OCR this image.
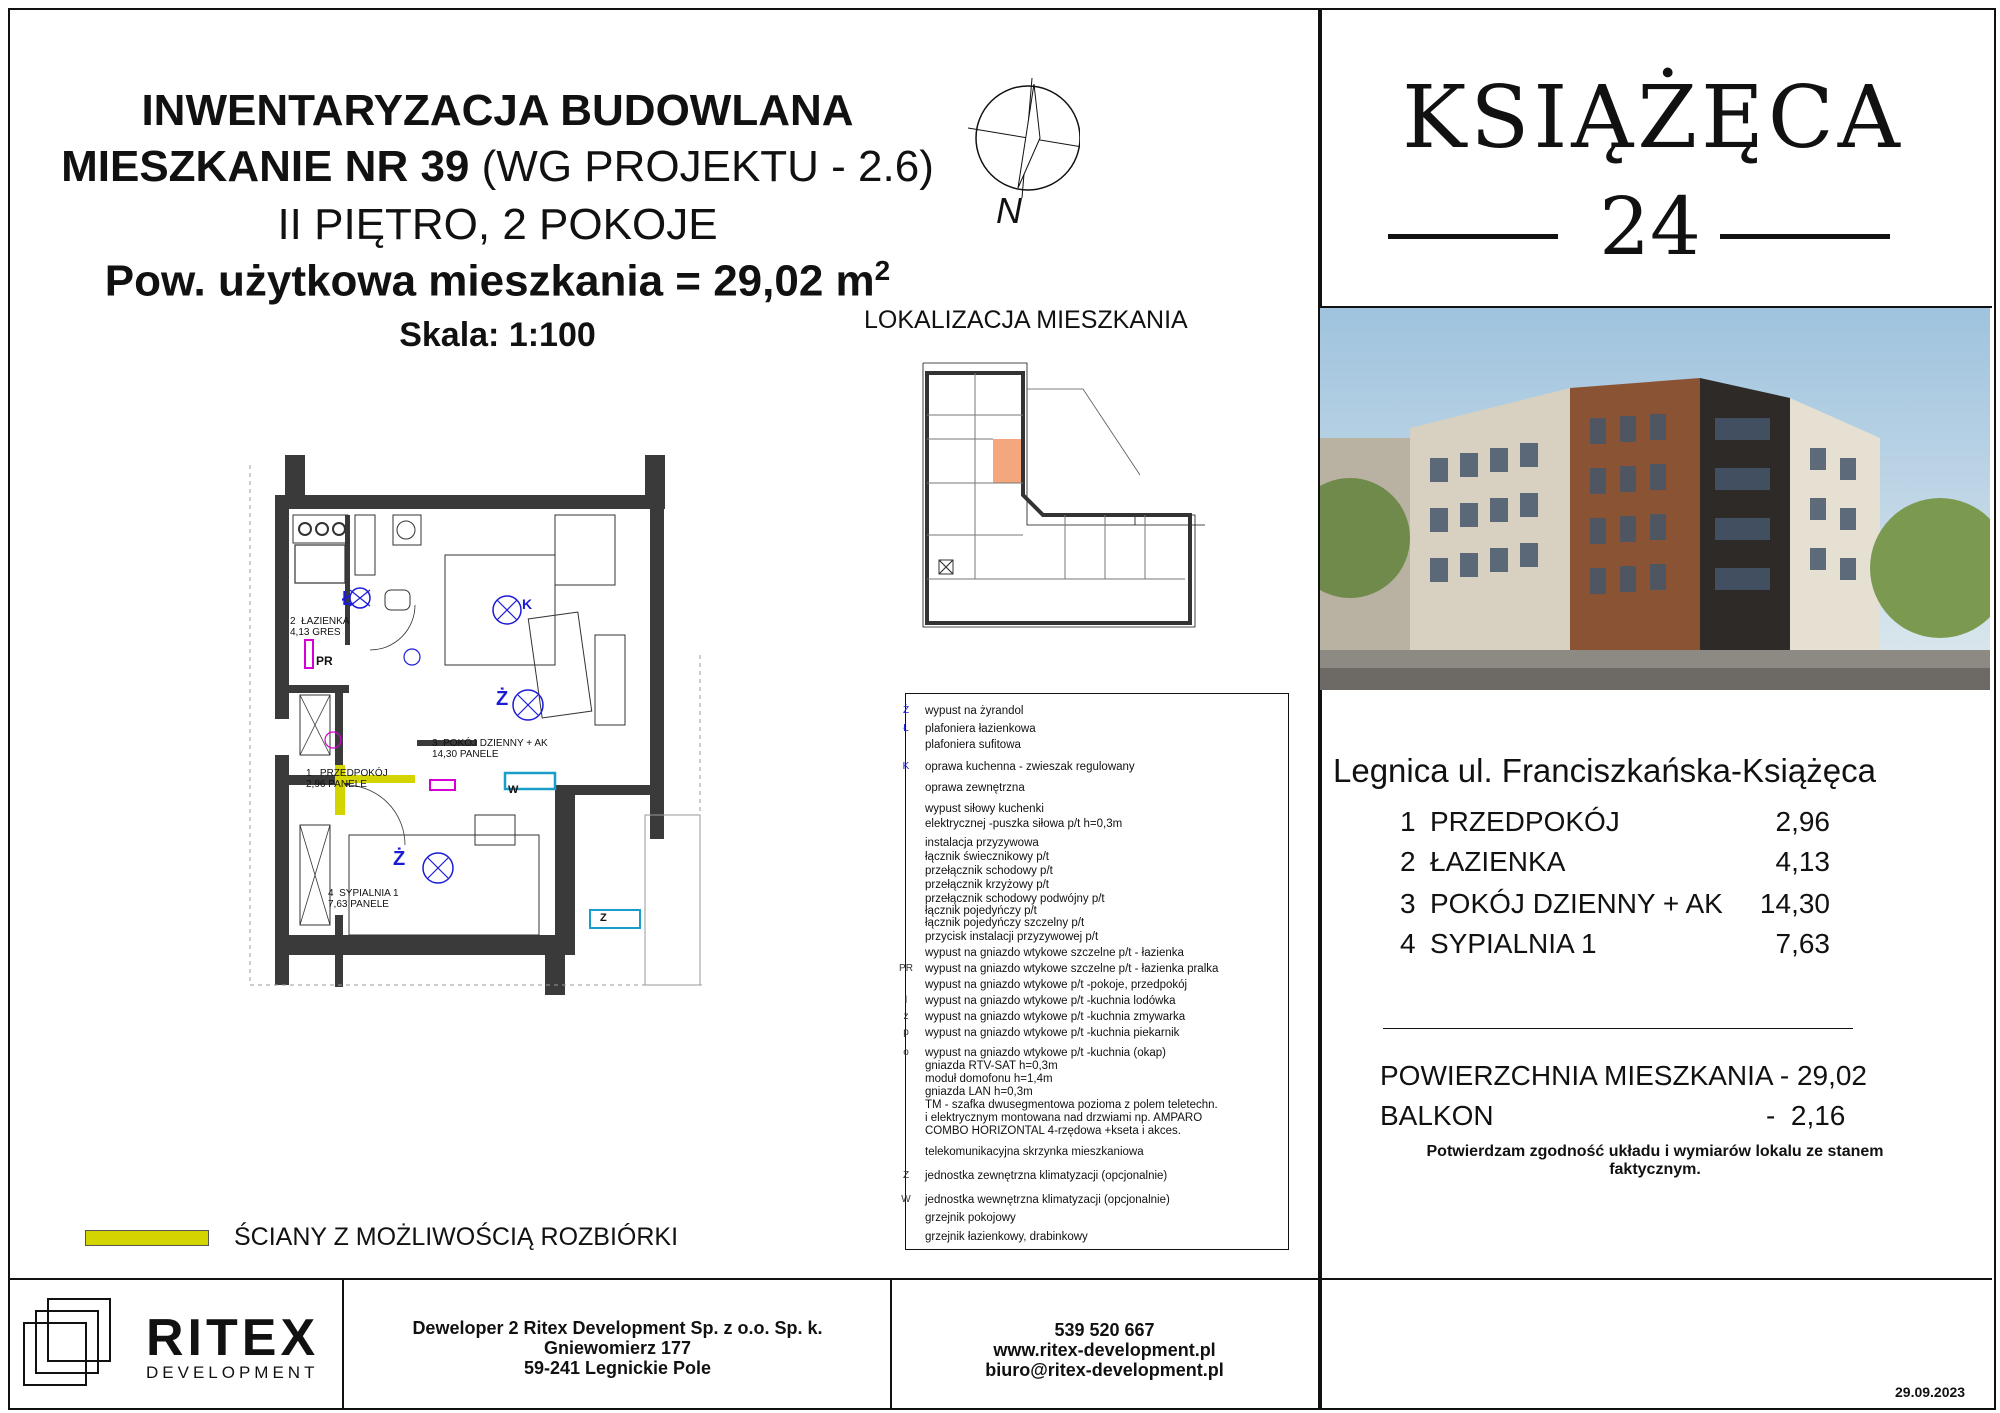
INWENTARYZACJA BUDOWLANA
MIESZKANIE NR 39 (WG PROJEKTU - 2.6)
II PIĘTRO, 2 POKOJE
Pow. użytkowa mieszkania = 29,02 $m^2$
Skala: 1:100
N
LOKALIZACJA MIESZKANIA
Ł	K
Ż
Ż
PR
W
Z
2 ŁAZIENKA
4,13 GRES
3 POKÓJ DZIENNY + AK
14,30 PANELE
1 PRZEDPOKÓJ
2,96 PANELE
4 SYPIALNIA 1
7,63 PANELE
ŚCIANY Z MOŻLIWOŚCIĄ ROZBIÓRKI
Ż	wypust na żyrandol
Ł	plafoniera łazienkowa
plafoniera sufitowa
K	oprawa kuchenna - zwieszak regulowany
oprawa zewnętrzna
wypust siłowy kuchenki
elektrycznej -puszka siłowa p/t h=0,3m
instalacja przyzywowa
łącznik świecznikowy p/t
przełącznik schodowy p/t
przełącznik krzyżowy p/t
przełącznik schodowy podwójny p/t
łącznik pojedyńczy p/t
łącznik pojedyńczy szczelny p/t
przycisk instalacji przyzywowej p/t
wypust na gniazdo wtykowe szczelne p/t - łazienka
PR	wypust na gniazdo wtykowe szczelne p/t - łazienka pralka
wypust na gniazdo wtykowe p/t -pokoje, przedpokój
l	wypust na gniazdo wtykowe p/t -kuchnia lodówka
z	wypust na gniazdo wtykowe p/t -kuchnia zmywarka
p	wypust na gniazdo wtykowe p/t -kuchnia piekarnik
o	wypust na gniazdo wtykowe p/t -kuchnia (okap)
gniazda RTV-SAT h=0,3m
moduł domofonu h=1,4m
gniazda LAN h=0,3m
TM - szafka dwusegmentowa pozioma z polem teletechn.
i elektrycznym montowana nad drzwiami np. AMPARO
COMBO HORIZONTAL 4-rzędowa +kseta i akces.
telekomunikacyjna skrzynka mieszkaniowa
Z	jednostka zewnętrzna klimatyzacji (opcjonalnie)
W	jednostka wewnętrzna klimatyzacji (opcjonalnie)
grzejnik pokojowy
grzejnik łazienkowy, drabinkowy
KSIĄŻĘCA
24
Legnica ul. Franciszkańska-Książęca
1 PRZEDPOKÓJ	2,96
2 ŁAZIENKA	4,13
3 POKÓJ DZIENNY + AK 14,30
4 SYPIALNIA 1	7,63
POWIERZCHNIA MIESZKANIA - 29,02
BALKON	-  2,16
Potwierdzam zgodność układu i wymiarów lokalu ze stanem
faktycznym.
RITEX
DEVELOPMENT
Deweloper 2 Ritex Development Sp. z o.o. Sp. k.
Gniewomierz 177
59-241 Legnickie Pole
539 520 667
www.ritex-development.pl
biuro@ritex-development.pl
29.09.2023
